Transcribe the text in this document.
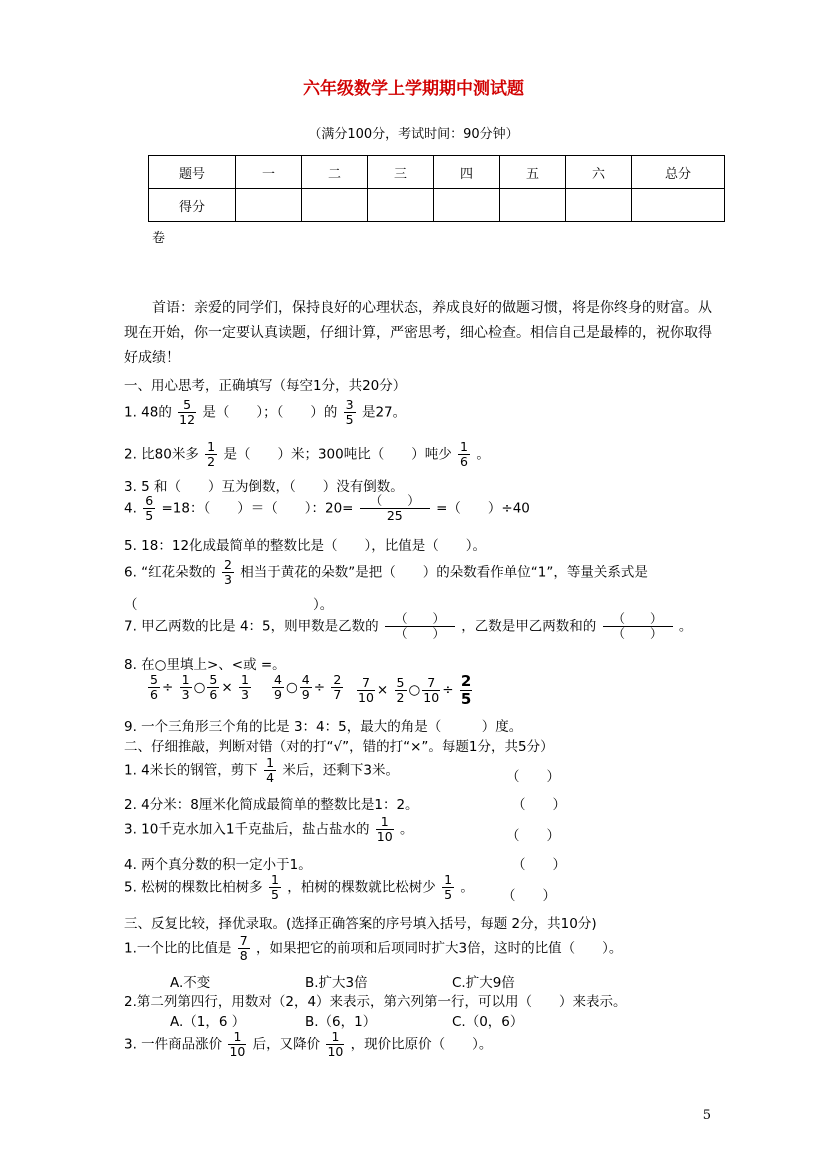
六年级数学上学期期中测试题
（满分100分，考试时间：90分钟）
题号	一	二	三	四	五	六	总分
得分							
卷
首语：亲爱的同学们，保持良好的心理状态，养成良好的做题习惯，将是你终身的财富。从现在开始，你一定要认真读题，仔细计算，严密思考，细心检查。相信自己是最棒的，祝你取得好成绩！
一、用心思考，正确填写（每空1分，共20分）
1. 48的 $\frac{5}{12}$ 是（　　）；（　　）的 $\frac{3}{5}$ 是27。
2. 比80米多 $\frac{1}{2}$ 是（　　）米；300吨比（　　）吨少 $\frac{1}{6}$ 。
3. 5 和（　　）互为倒数，（　　）没有倒数。
4. $\frac{6}{5} =18$：（　　）＝（　　）：$20= \frac{( )}{25}$ =（　　）÷40
5. 18：12化成最简单的整数比是（　　），比值是（　　）。
6. “红花朵数的 $\frac{2}{3}$ 相当于黄花的朵数”是把（　　）的朵数看作单位“1”，等量关系式是
（　　　　　　　　　　　　　）。
7. 甲乙两数的比是 4：5，则甲数是乙数的 $\frac{( )}{( )}$ ，乙数是甲乙两数和的 $\frac{( )}{( )}$ 。
8. 在○里填上>、<或 =。
$\frac{5}{6} \div \frac{1}{3}$ ○ $\frac{5}{6} \times \frac{1}{3} \frac{4}{9}$ ○ $\frac{4}{9} \div \frac{2}{7} \frac{7}{10} \times \frac{5}{2}$ ○ $\frac{7}{10} \div \frac{2}{5}$
9. 一个三角形三个角的比是 3：4：5，最大的角是（　　　）度。
二、仔细推敲，判断对错（对的打“√”，错的打“×”。每题1分，共5分）
1. 4米长的钢管，剪下 $\frac{1}{4}$ 米后，还剩下3米。	（　　）
2. 4分米：8厘米化简成最简单的整数比是1：2。	（　　）
3. 10千克水加入1千克盐后，盐占盐水的 $\frac{1}{10}$ 。	（　　）
4. 两个真分数的积一定小于1。	（　　）
5. 松树的棵数比柏树多 $\frac{1}{5}$ ，柏树的棵数就比松树少 $\frac{1}{5}$ 。
（　　）
三、反复比较，择优录取。(选择正确答案的序号填入括号，每题 2分，共10分)
1.一个比的比值是 $\frac{7}{8}$ ，如果把它的前项和后项同时扩大3倍，这时的比值（　　）。
A.不变	B.扩大3倍	C.扩大9倍
2.第二列第四行，用数对（2，4）来表示，第六列第一行，可以用（　　）来表示。
A.（1，6 ）	B.（6，1）	C.（0，6）
3. 一件商品涨价 $\frac{1}{10}$ 后，又降价 $\frac{1}{10}$ ，现价比原价（　　）。
5
